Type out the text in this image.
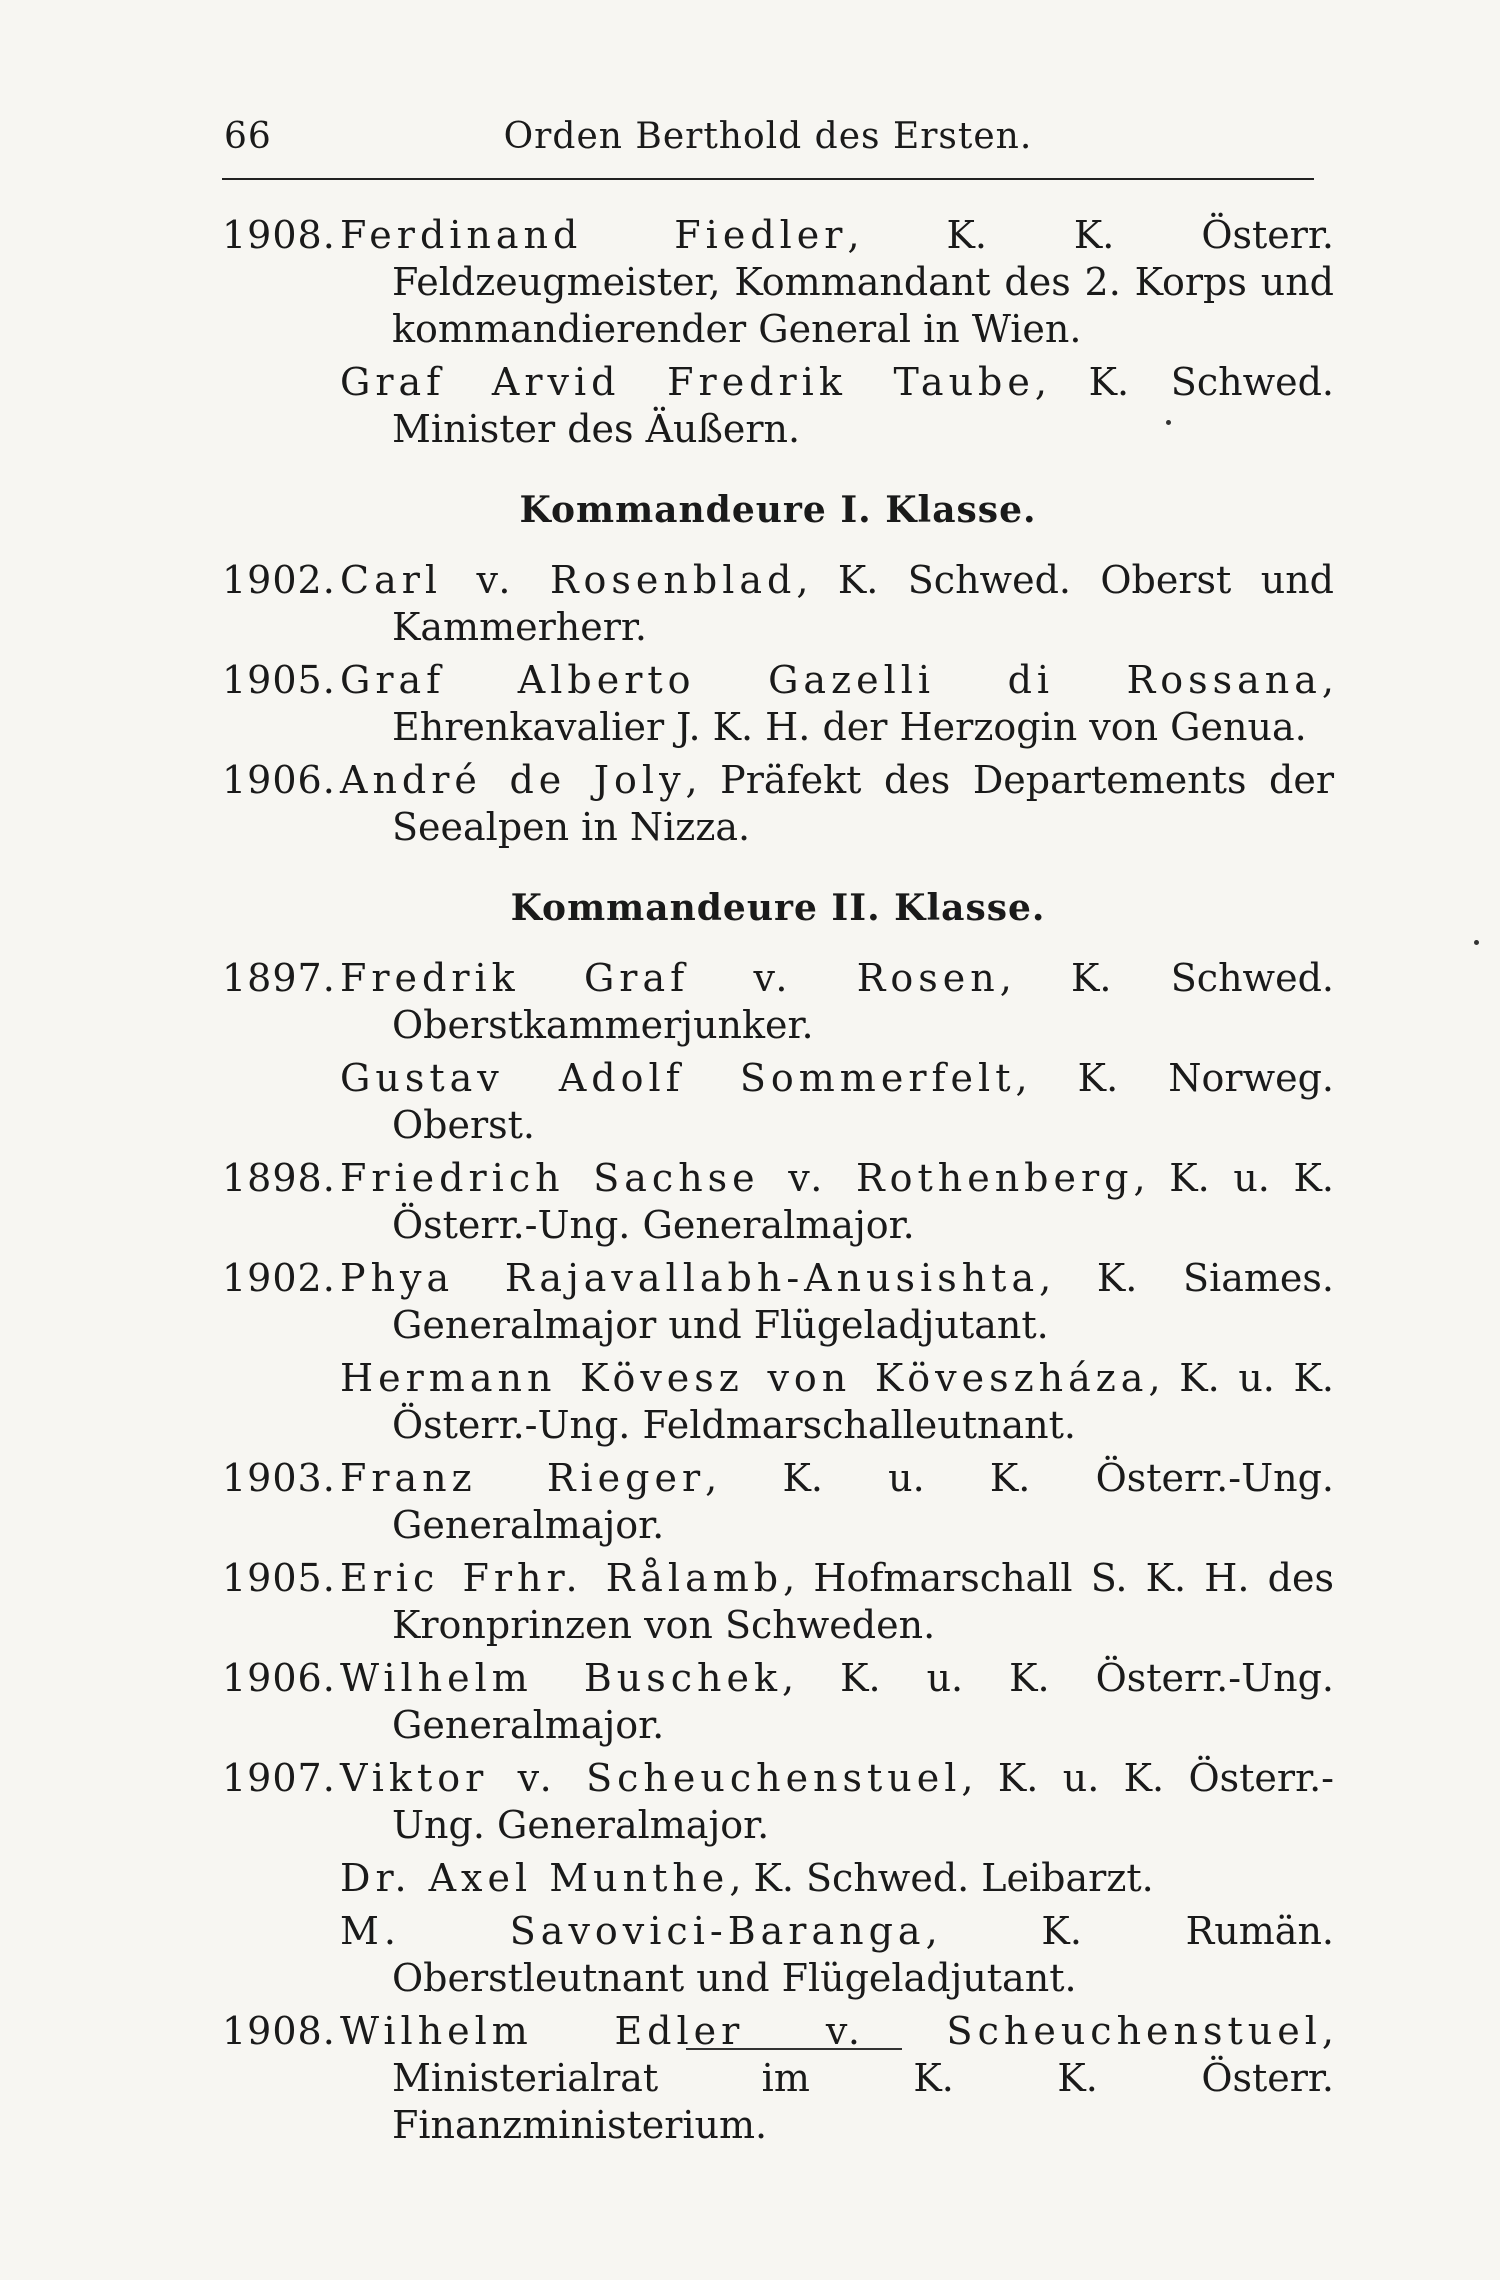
66	Orden Berthold des Ersten.
1908. Ferdinand Fiedler, K. K. Österr. Feldzeugmeister, Kommandant des 2. Korps und kommandierender General in Wien.
Graf Arvid Fredrik Taube, K. Schwed. Minister des Äußern.
Kommandeure I. Klasse.
1902. Carl v. Rosenblad, K. Schwed. Oberst und Kammerherr.
1905. Graf Alberto Gazelli di Rossana, Ehrenkavalier J. K. H. der Herzogin von Genua.
1906. André de Joly, Präfekt des Departements der Seealpen in Nizza.
Kommandeure II. Klasse.
1897. Fredrik Graf v. Rosen, K. Schwed. Oberstkammerjunker.
Gustav Adolf Sommerfelt, K. Norweg. Oberst.
1898. Friedrich Sachse v. Rothenberg, K. u. K. Österr.-Ung. Generalmajor.
1902. Phya Rajavallabh-Anusishta, K. Siames. Generalmajor und Flügeladjutant.
Hermann Kövesz von Köveszháza, K. u. K. Österr.-Ung. Feldmarschalleutnant.
1903. Franz Rieger, K. u. K. Österr.-Ung. Generalmajor.
1905. Eric Frhr. Rålamb, Hofmarschall S. K. H. des Kronprinzen von Schweden.
1906. Wilhelm Buschek, K. u. K. Österr.-Ung. Generalmajor.
1907. Viktor v. Scheuchenstuel, K. u. K. Österr.-Ung. Generalmajor.
Dr. Axel Munthe, K. Schwed. Leibarzt.
M. Savovici-Baranga, K. Rumän. Oberstleutnant und Flügeladjutant.
1908. Wilhelm Edler v. Scheuchenstuel, Ministerialrat im K. K. Österr. Finanzministerium.
